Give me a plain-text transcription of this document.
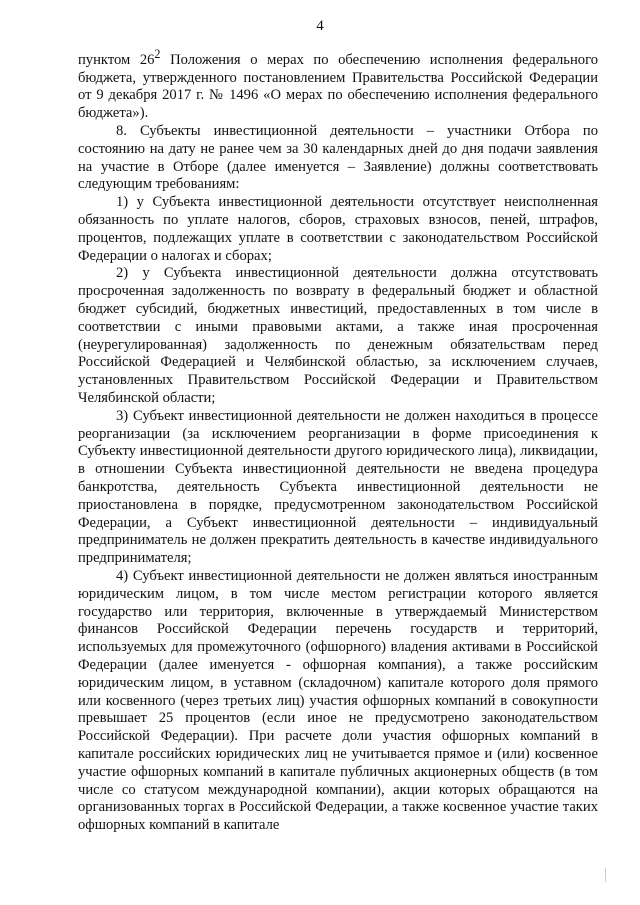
4

пунктом $26^2$ Положения о мерах по обеспечению исполнения федерального бюджета, утвержденного постановлением Правительства Российской Федерации от 9 декабря 2017 г. № 1496 «О мерах по обеспечению исполнения федерального бюджета»).

8. Субъекты инвестиционной деятельности – участники Отбора по состоянию на дату не ранее чем за 30 календарных дней до дня подачи заявления на участие в Отборе (далее именуется – Заявление) должны соответствовать следующим требованиям:

1) у Субъекта инвестиционной деятельности отсутствует неисполненная обязанность по уплате налогов, сборов, страховых взносов, пеней, штрафов, процентов, подлежащих уплате в соответствии с законодательством Российской Федерации о налогах и сборах;

2) у Субъекта инвестиционной деятельности должна отсутствовать просроченная задолженность по возврату в федеральный бюджет и областной бюджет субсидий, бюджетных инвестиций, предоставленных в том числе в соответствии с иными правовыми актами, а также иная просроченная (неурегулированная) задолженность по денежным обязательствам перед Российской Федерацией и Челябинской областью, за исключением случаев, установленных Правительством Российской Федерации и Правительством Челябинской области;

3) Субъект инвестиционной деятельности не должен находиться в процессе реорганизации (за исключением реорганизации в форме присоединения к Субъекту инвестиционной деятельности другого юридического лица), ликвидации, в отношении Субъекта инвестиционной деятельности не введена процедура банкротства, деятельность Субъекта инвестиционной деятельности не приостановлена в порядке, предусмотренном законодательством Российской Федерации, а Субъект инвестиционной деятельности – индивидуальный предприниматель не должен прекратить деятельность в качестве индивидуального предпринимателя;

4) Субъект инвестиционной деятельности не должен являться иностранным юридическим лицом, в том числе местом регистрации которого является государство или территория, включенные в утверждаемый Министерством финансов Российской Федерации перечень государств и территорий, используемых для промежуточного (офшорного) владения активами в Российской Федерации (далее именуется - офшорная компания), а также российским юридическим лицом, в уставном (складочном) капитале которого доля прямого или косвенного (через третьих лиц) участия офшорных компаний в совокупности превышает 25 процентов (если иное не предусмотрено законодательством Российской Федерации). При расчете доли участия офшорных компаний в капитале российских юридических лиц не учитывается прямое и (или) косвенное участие офшорных компаний в капитале публичных акционерных обществ (в том числе со статусом международной компании), акции которых обращаются на организованных торгах в Российской Федерации, а также косвенное участие таких офшорных компаний в капитале
